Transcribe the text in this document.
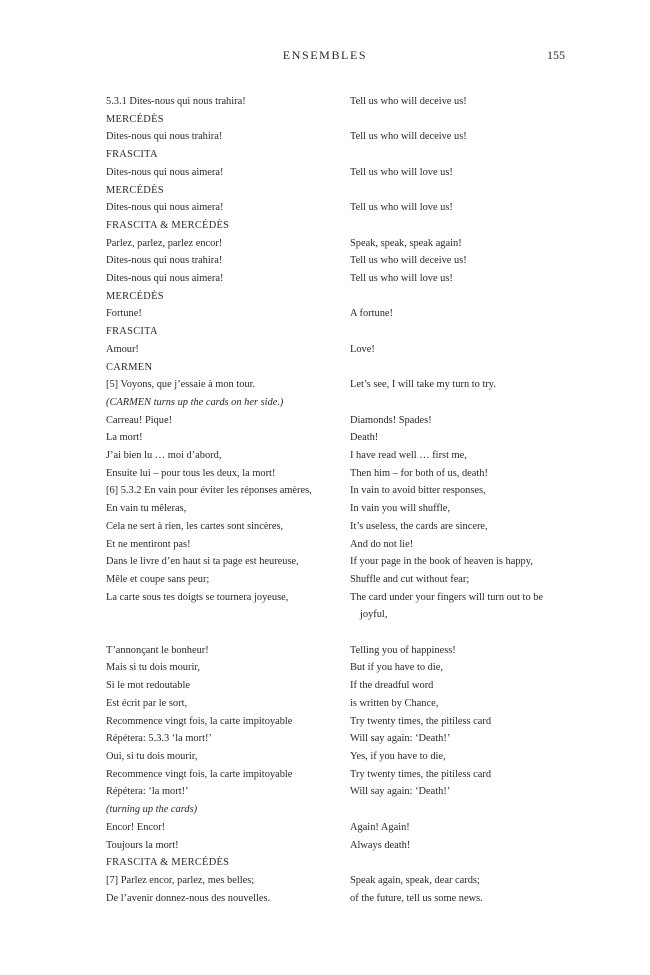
ENSEMBLES	155
5.3.1 Dites-nous qui nous trahira!	Tell us who will deceive us!
MERCÉDÈS
Dites-nous qui nous trahira!	Tell us who will deceive us!
FRASCITA
Dites-nous qui nous aimera!	Tell us who will love us!
MERCÉDÈS
Dites-nous qui nous aimera!	Tell us who will love us!
FRASCITA & MERCÉDÈS
Parlez, parlez, parlez encor!	Speak, speak, speak again!
Dites-nous qui nous trahira!	Tell us who will deceive us!
Dites-nous qui nous aimera!	Tell us who will love us!
MERCÉDÈS
Fortune!	A fortune!
FRASCITA
Amour!	Love!
CARMEN
[5] Voyons, que j’essaie à mon tour.	Let’s see, I will take my turn to try.
(CARMEN turns up the cards on her side.)
Carreau! Pique!	Diamonds! Spades!
La mort!	Death!
J’ai bien lu … moi d’abord,	I have read well … first me,
Ensuite lui – pour tous les deux, la mort!	Then him – for both of us, death!
[6] 5.3.2 En vain pour éviter les réponses amères,	In vain to avoid bitter responses,
En vain tu mêleras,	In vain you will shuffle,
Cela ne sert à rien, les cartes sont sincères,	It’s useless, the cards are sincere,
Et ne mentiront pas!	And do not lie!
Dans le livre d’en haut si ta page est heureuse,	If your page in the book of heaven is happy,
Mêle et coupe sans peur;	Shuffle and cut without fear;
La carte sous tes doigts se tournera joyeuse,	The card under your fingers will turn out to be
joyful,
T’annonçant le bonheur!	Telling you of happiness!
Mais si tu dois mourir,	But if you have to die,
Si le mot redoutable	If the dreadful word
Est écrit par le sort,	is written by Chance,
Recommence vingt fois, la carte impitoyable	Try twenty times, the pitiless card
Répétera: 5.3.3 ‘la mort!’	Will say again: ‘Death!’
Oui, si tu dois mourir,	Yes, if you have to die,
Recommence vingt fois, la carte impitoyable	Try twenty times, the pitiless card
Répétera: ‘la mort!’	Will say again: ‘Death!’
(turning up the cards)
Encor! Encor!	Again! Again!
Toujours la mort!	Always death!
FRASCITA & MERCÉDÈS
[7] Parlez encor, parlez, mes belles;	Speak again, speak, dear cards;
De l’avenir donnez-nous des nouvelles.	of the future, tell us some news.
